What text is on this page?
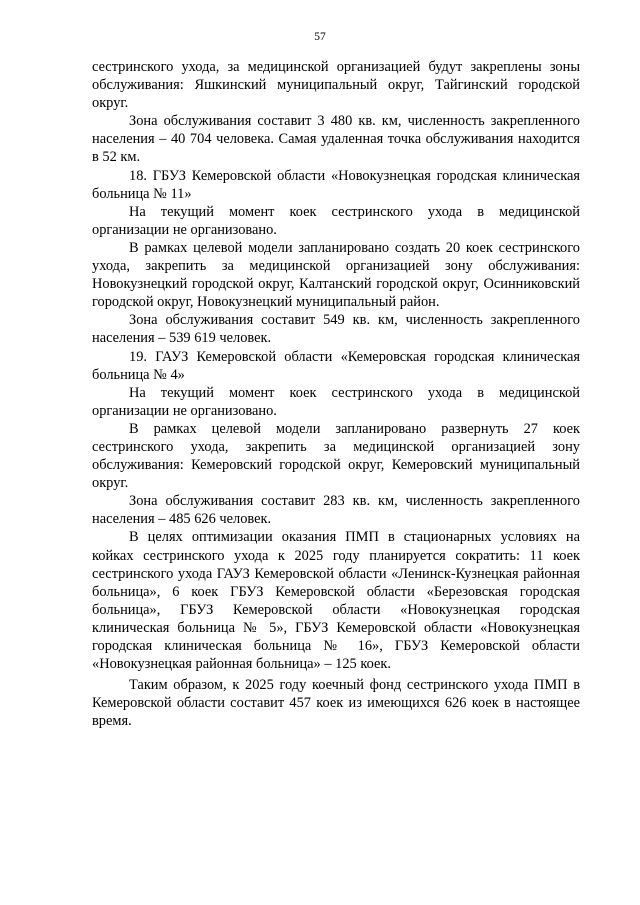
57

сестринского ухода, за медицинской организацией будут закреплены зоны обслуживания: Яшкинский муниципальный округ, Тайгинский городской округ.

Зона обслуживания составит 3 480 кв. км, численность закрепленного населения – 40 704 человека. Самая удаленная точка обслуживания находится в 52 км.

18. ГБУЗ Кемеровской области «Новокузнецкая городская клиническая больница № 11»

На текущий момент коек сестринского ухода в медицинской организации не организовано.

В рамках целевой модели запланировано создать 20 коек сестринского ухода, закрепить за медицинской организацией зону обслуживания: Новокузнецкий городской округ, Калтанский городской округ, Осинниковский городской округ, Новокузнецкий муниципальный район.

Зона обслуживания составит 549 кв. км, численность закрепленного населения – 539 619 человек.

19. ГАУЗ Кемеровской области «Кемеровская городская клиническая больница № 4»

На текущий момент коек сестринского ухода в медицинской организации не организовано.

В рамках целевой модели запланировано развернуть 27 коек сестринского ухода, закрепить за медицинской организацией зону обслуживания: Кемеровский городской округ, Кемеровский муниципальный округ.

Зона обслуживания составит 283 кв. км, численность закрепленного населения – 485 626 человек.

В целях оптимизации оказания ПМП в стационарных условиях на койках сестринского ухода к 2025 году планируется сократить: 11 коек сестринского ухода ГАУЗ Кемеровской области «Ленинск-Кузнецкая районная больница», 6 коек ГБУЗ Кемеровской области «Березовская городская больница», ГБУЗ Кемеровской области «Новокузнецкая городская клиническая больница № 5», ГБУЗ Кемеровской области «Новокузнецкая городская клиническая больница № 16», ГБУЗ Кемеровской области «Новокузнецкая районная больница» – 125 коек.

Таким образом, к 2025 году коечный фонд сестринского ухода ПМП в Кемеровской области составит 457 коек из имеющихся 626 коек в настоящее время.
